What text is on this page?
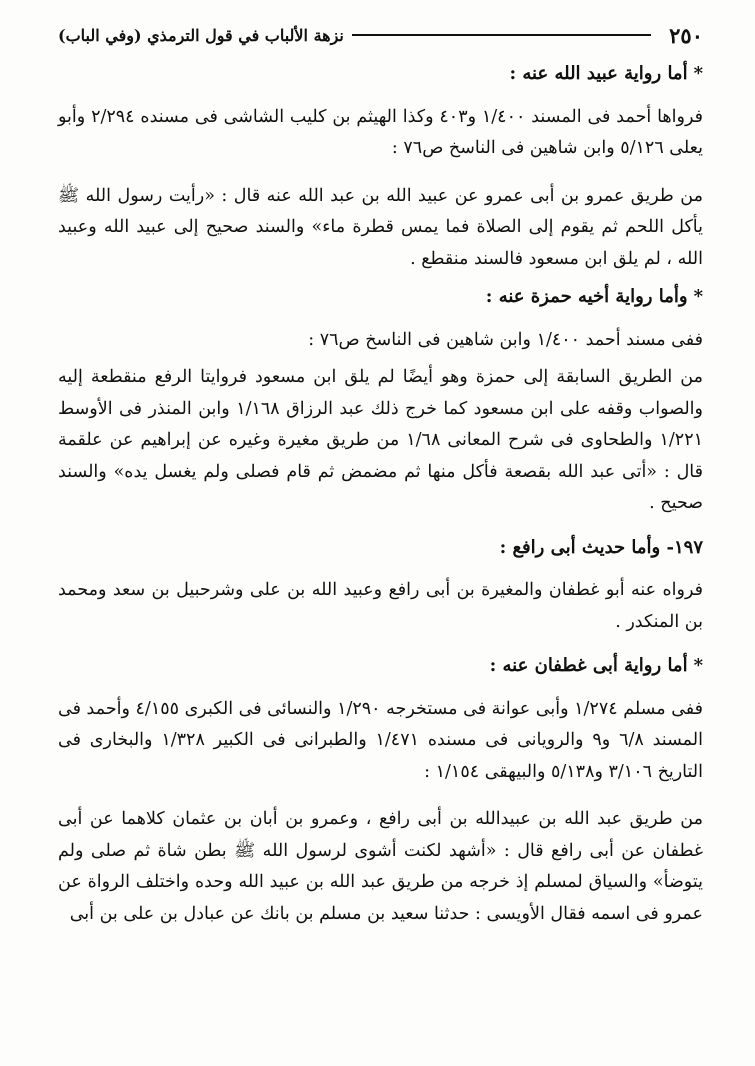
٢٥٠
نزهة الألباب في قول الترمذي (وفي الباب)
*أما رواية عبيد الله عنه :

فرواها أحمد فى المسند ١/٤٠٠ و٤٠٣ وكذا الهيثم بن كليب الشاشى فى مسنده ٢/٢٩٤ وأبو يعلى ٥/١٢٦ وابن شاهين فى الناسخ ص٧٦ :

من طريق عمرو بن أبى عمرو عن عبيد الله بن عبد الله عنه قال : «رأيت رسول الله ﷺ يأكل اللحم ثم يقوم إلى الصلاة فما يمس قطرة ماء» والسند صحيح إلى عبيد الله وعبيد الله ، لم يلق ابن مسعود فالسند منقطع .

*وأما رواية أخيه حمزة عنه :

ففى مسند أحمد ١/٤٠٠ وابن شاهين فى الناسخ ص٧٦ :

من الطريق السابقة إلى حمزة وهو أيضًا لم يلق ابن مسعود فروايتا الرفع منقطعة إليه والصواب وقفه على ابن مسعود كما خرج ذلك عبد الرزاق ١/١٦٨ وابن المنذر فى الأوسط ١/٢٢١ والطحاوى فى شرح المعانى ١/٦٨ من طريق مغيرة وغيره عن إبراهيم عن علقمة قال : «أتى عبد الله بقصعة فأكل منها ثم مضمض ثم قام فصلى ولم يغسل يده» والسند صحيح .

١٩٧- وأما حديث أبى رافع :

فرواه عنه أبو غطفان والمغيرة بن أبى رافع وعبيد الله بن على وشرحبيل بن سعد ومحمد بن المنكدر .

*أما رواية أبى غطفان عنه :

ففى مسلم ١/٢٧٤ وأبى عوانة فى مستخرجه ١/٢٩٠ والنسائى فى الكبرى ٤/١٥٥ وأحمد فى المسند ٦/٨ و٩ والرويانى فى مسنده ١/٤٧١ والطبرانى فى الكبير ١/٣٢٨ والبخارى فى التاريخ ٣/١٠٦ و٥/١٣٨ والبيهقى ١/١٥٤ :

من طريق عبد الله بن عبيدالله بن أبى رافع ، وعمرو بن أبان بن عثمان كلاهما عن أبى غطفان عن أبى رافع قال : «أشهد لكنت أشوى لرسول الله ﷺ بطن شاة ثم صلى ولم يتوضأ» والسياق لمسلم إذ خرجه من طريق عبد الله بن عبيد الله وحده واختلف الرواة عن عمرو فى اسمه فقال الأويسى : حدثنا سعيد بن مسلم بن بانك عن عبادل بن على بن أبى
